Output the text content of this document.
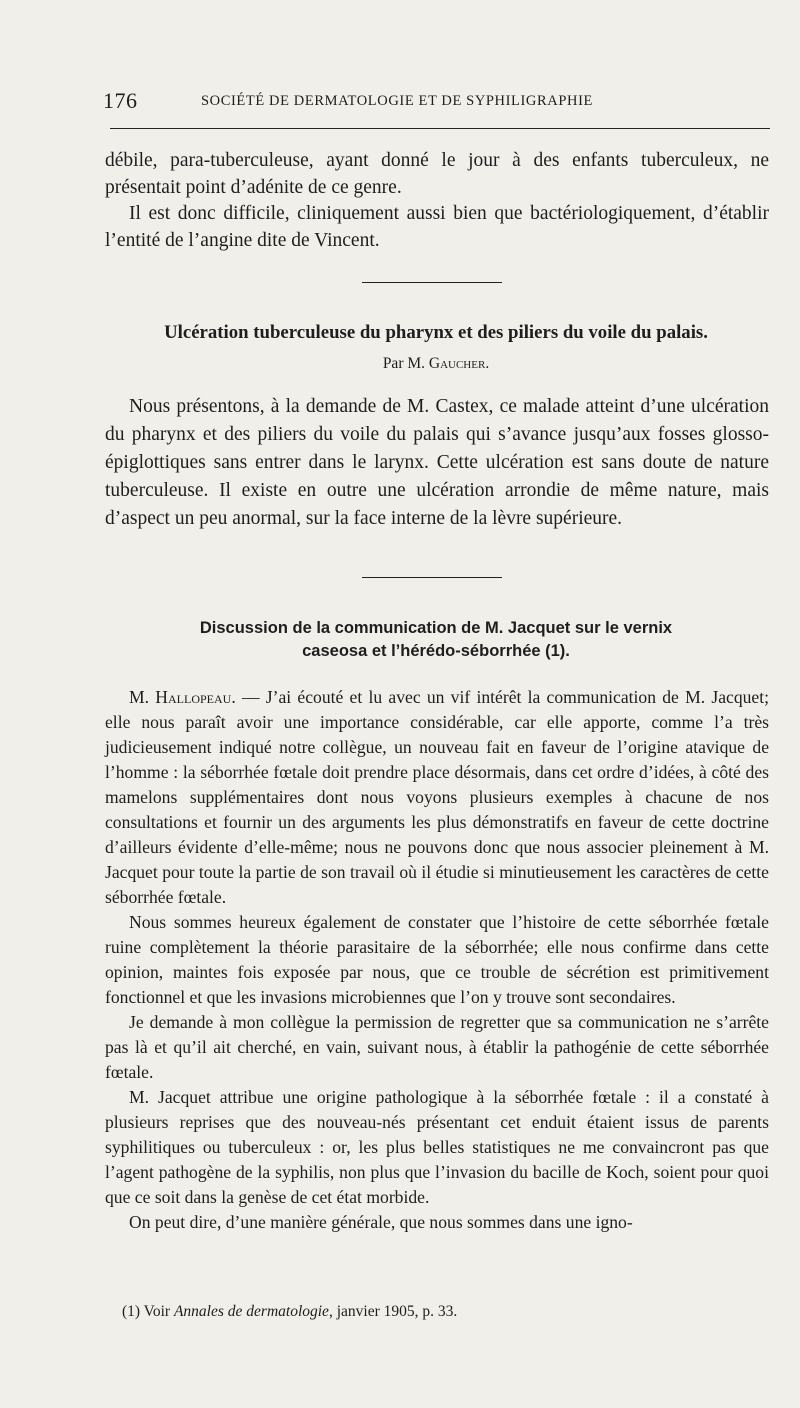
176	SOCIÉTÉ DE DERMATOLOGIE ET DE SYPHILIGRAPHIE

débile, para-tuberculeuse, ayant donné le jour à des enfants tuberculeux, ne présentait point d’adénite de ce genre.

Il est donc difficile, cliniquement aussi bien que bactériologiquement, d’établir l’entité de l’angine dite de Vincent.

Ulcération tuberculeuse du pharynx et des piliers du voile du palais.
Par M. Gaucher.

Nous présentons, à la demande de M. Castex, ce malade atteint d’une ulcération du pharynx et des piliers du voile du palais qui s’avance jusqu’aux fosses glosso-épiglottiques sans entrer dans le larynx. Cette ulcération est sans doute de nature tuberculeuse. Il existe en outre une ulcération arrondie de même nature, mais d’aspect un peu anormal, sur la face interne de la lèvre supérieure.

Discussion de la communication de M. Jacquet sur le vernix
caseosa et l’hérédo-séborrhée (1).

M. Hallopeau. — J’ai écouté et lu avec un vif intérêt la communication de M. Jacquet; elle nous paraît avoir une importance considérable, car elle apporte, comme l’a très judicieusement indiqué notre collègue, un nouveau fait en faveur de l’origine atavique de l’homme : la séborrhée fœtale doit prendre place désormais, dans cet ordre d’idées, à côté des mamelons supplémentaires dont nous voyons plusieurs exemples à chacune de nos consultations et fournir un des arguments les plus démonstratifs en faveur de cette doctrine d’ailleurs évidente d’elle-même; nous ne pouvons donc que nous associer pleinement à M. Jacquet pour toute la partie de son travail où il étudie si minutieusement les caractères de cette séborrhée fœtale.

Nous sommes heureux également de constater que l’histoire de cette séborrhée fœtale ruine complètement la théorie parasitaire de la séborrhée; elle nous confirme dans cette opinion, maintes fois exposée par nous, que ce trouble de sécrétion est primitivement fonctionnel et que les invasions microbiennes que l’on y trouve sont secondaires.

Je demande à mon collègue la permission de regretter que sa communication ne s’arrête pas là et qu’il ait cherché, en vain, suivant nous, à établir la pathogénie de cette séborrhée fœtale.

M. Jacquet attribue une origine pathologique à la séborrhée fœtale : il a constaté à plusieurs reprises que des nouveau-nés présentant cet enduit étaient issus de parents syphilitiques ou tuberculeux : or, les plus belles statistiques ne me convaincront pas que l’agent pathogène de la syphilis, non plus que l’invasion du bacille de Koch, soient pour quoi que ce soit dans la genèse de cet état morbide.

On peut dire, d’une manière générale, que nous sommes dans une igno-

(1) Voir Annales de dermatologie, janvier 1905, p. 33.
